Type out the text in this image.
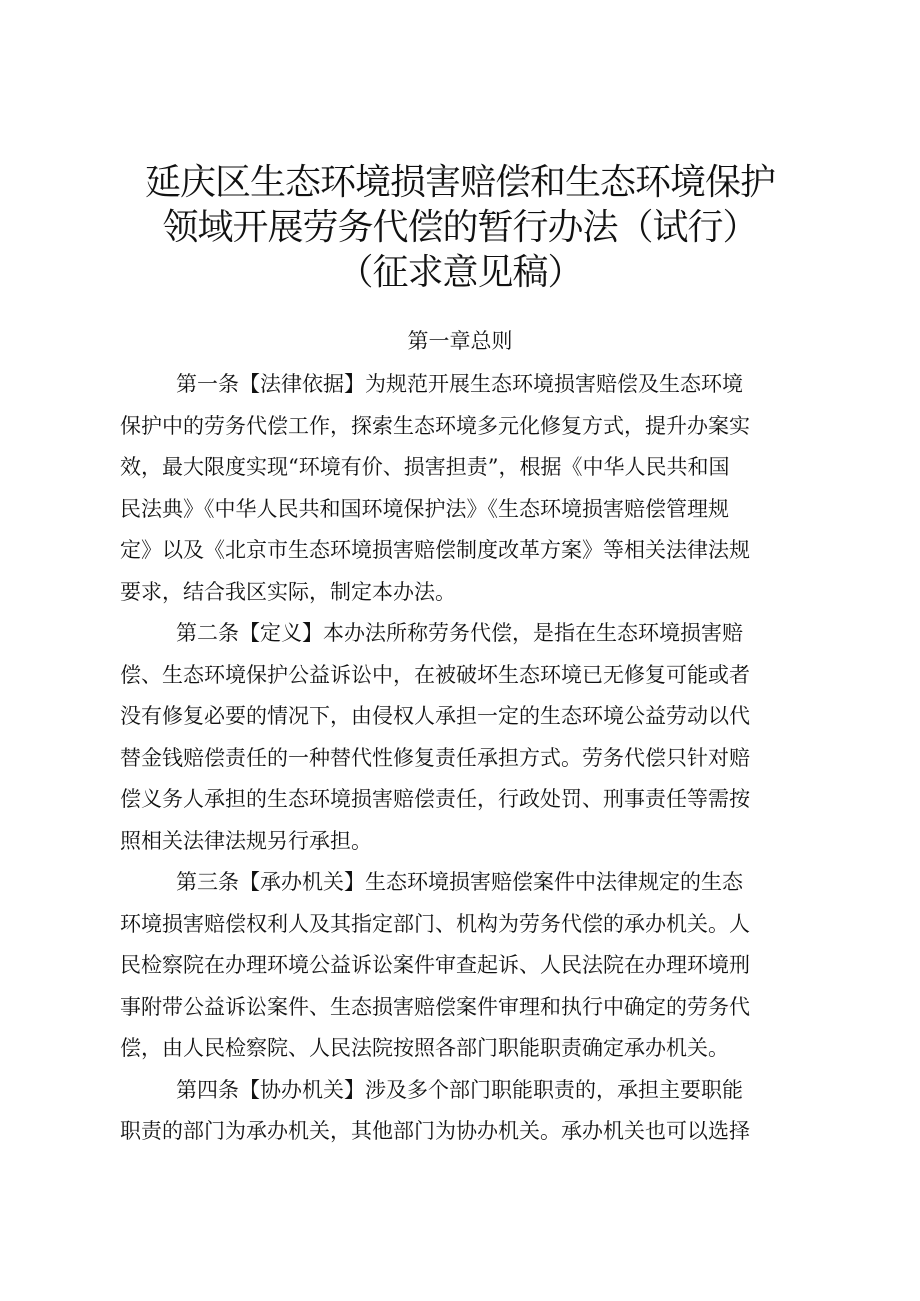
延庆区生态环境损害赔偿和生态环境保护
领域开展劳务代偿的暂行办法（试行）
（征求意见稿）
第一章总则
第一条【法律依据】为规范开展生态环境损害赔偿及生态环境
保护中的劳务代偿工作，探索生态环境多元化修复方式，提升办案实
效，最大限度实现“环境有价、损害担责”，根据《中华人民共和国
民法典》《中华人民共和国环境保护法》《生态环境损害赔偿管理规
定》以及《北京市生态环境损害赔偿制度改革方案》等相关法律法规
要求，结合我区实际，制定本办法。
第二条【定义】本办法所称劳务代偿，是指在生态环境损害赔
偿、生态环境保护公益诉讼中，在被破坏生态环境已无修复可能或者
没有修复必要的情况下，由侵权人承担一定的生态环境公益劳动以代
替金钱赔偿责任的一种替代性修复责任承担方式。劳务代偿只针对赔
偿义务人承担的生态环境损害赔偿责任，行政处罚、刑事责任等需按
照相关法律法规另行承担。
第三条【承办机关】生态环境损害赔偿案件中法律规定的生态
环境损害赔偿权利人及其指定部门、机构为劳务代偿的承办机关。人
民检察院在办理环境公益诉讼案件审查起诉、人民法院在办理环境刑
事附带公益诉讼案件、生态损害赔偿案件审理和执行中确定的劳务代
偿，由人民检察院、人民法院按照各部门职能职责确定承办机关。
第四条【协办机关】涉及多个部门职能职责的，承担主要职能
职责的部门为承办机关，其他部门为协办机关。承办机关也可以选择
